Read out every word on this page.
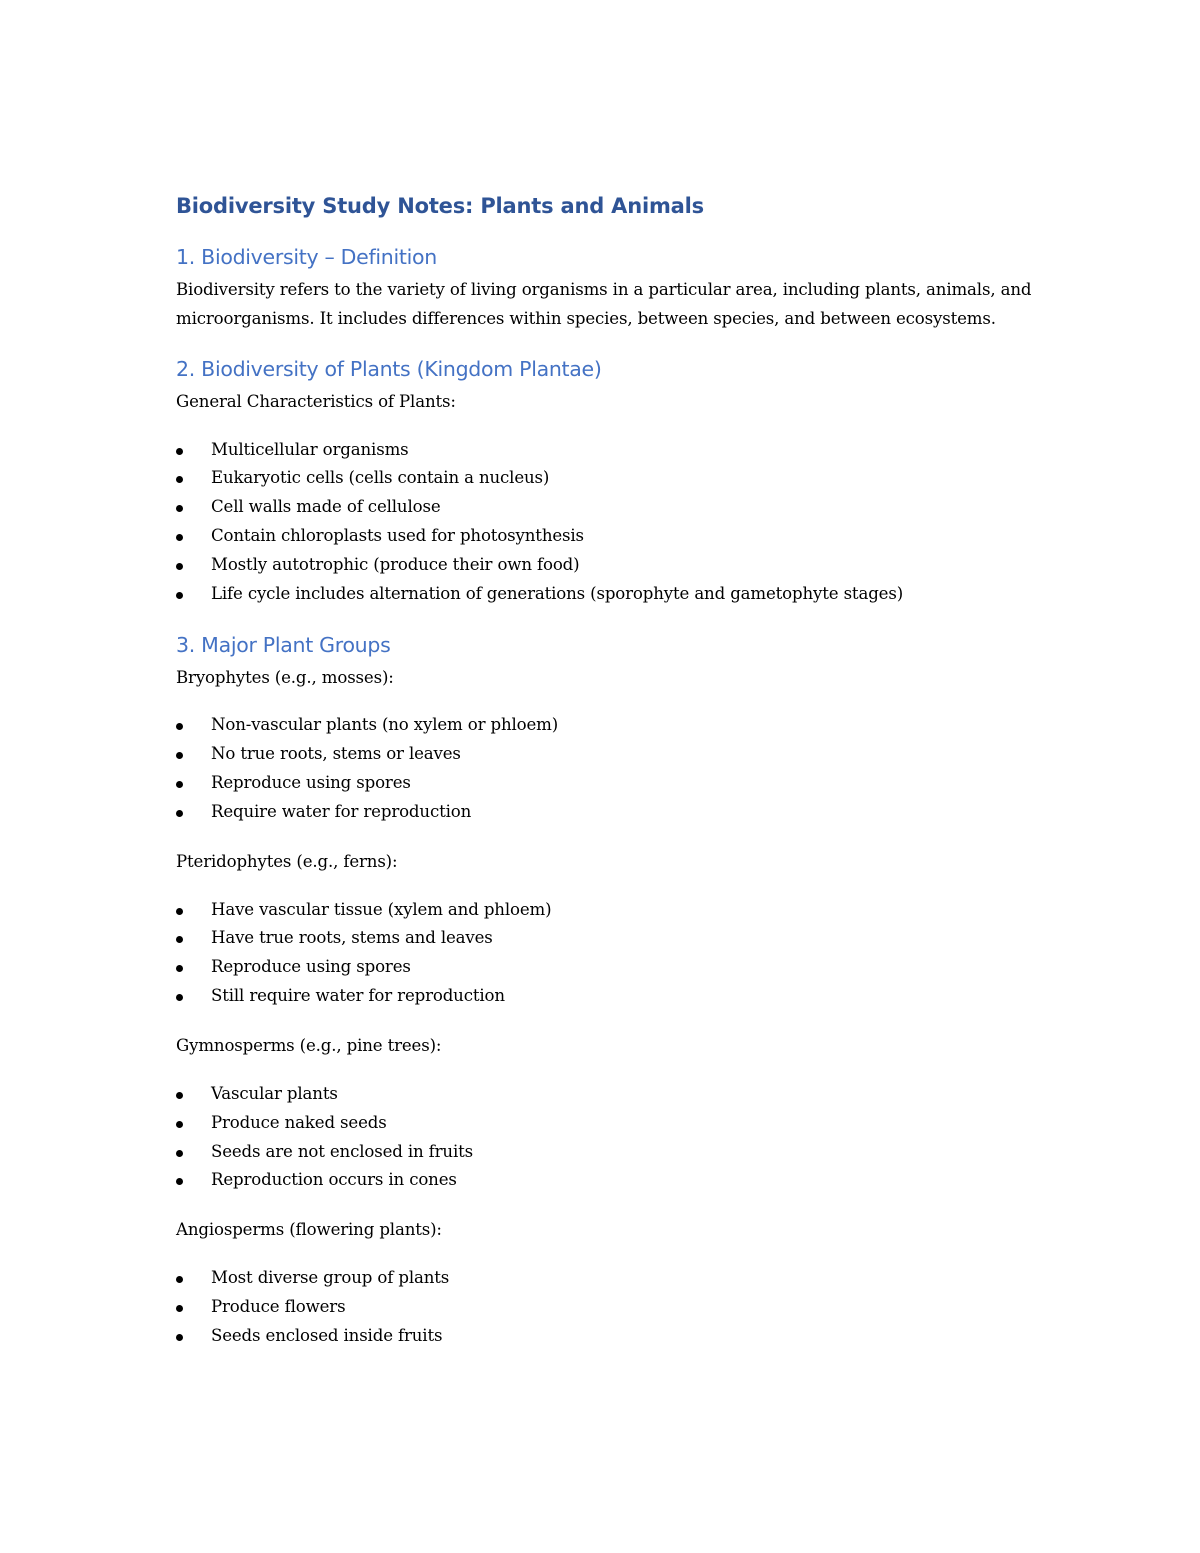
Biodiversity Study Notes: Plants and Animals
1. Biodiversity – Definition
Biodiversity refers to the variety of living organisms in a particular area, including plants, animals, and microorganisms. It includes differences within species, between species, and between ecosystems.
2. Biodiversity of Plants (Kingdom Plantae)
General Characteristics of Plants:
Multicellular organisms
Eukaryotic cells (cells contain a nucleus)
Cell walls made of cellulose
Contain chloroplasts used for photosynthesis
Mostly autotrophic (produce their own food)
Life cycle includes alternation of generations (sporophyte and gametophyte stages)
3. Major Plant Groups
Bryophytes (e.g., mosses):
Non-vascular plants (no xylem or phloem)
No true roots, stems or leaves
Reproduce using spores
Require water for reproduction
Pteridophytes (e.g., ferns):
Have vascular tissue (xylem and phloem)
Have true roots, stems and leaves
Reproduce using spores
Still require water for reproduction
Gymnosperms (e.g., pine trees):
Vascular plants
Produce naked seeds
Seeds are not enclosed in fruits
Reproduction occurs in cones
Angiosperms (flowering plants):
Most diverse group of plants
Produce flowers
Seeds enclosed inside fruits
